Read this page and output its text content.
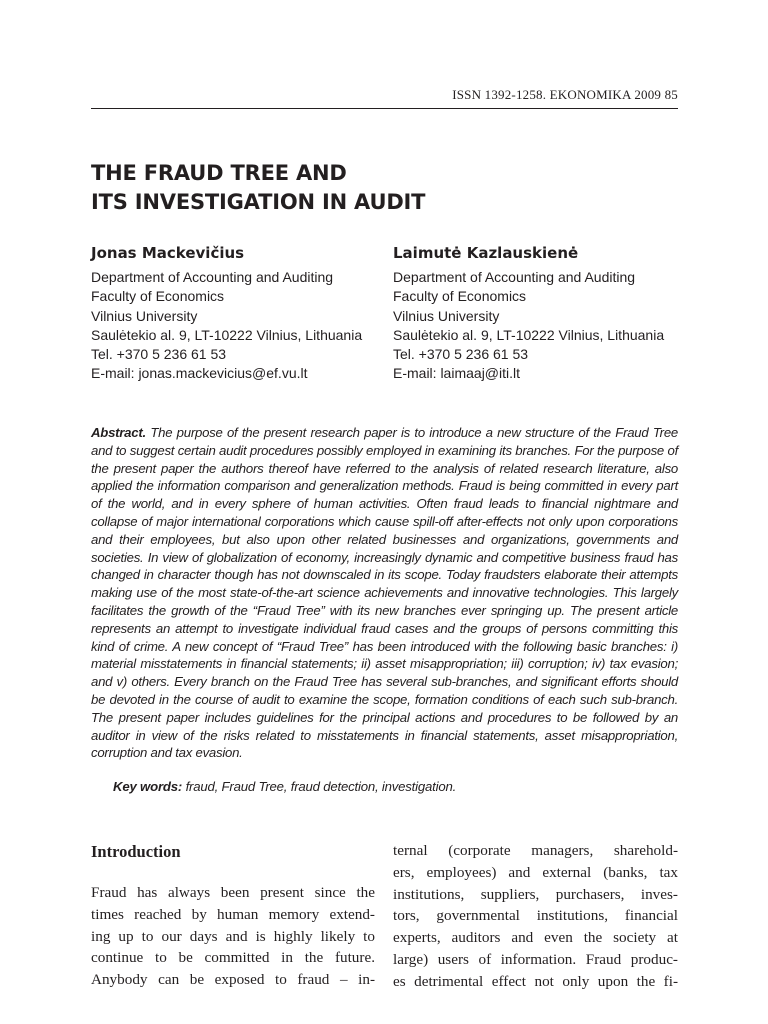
ISSN 1392-1258. EKONOMIKA 2009 85
THE FRAUD TREE AND
ITS INVESTIGATION IN AUDIT
Jonas Mackevičius
Department of Accounting and Auditing
Faculty of Economics
Vilnius University
Saulėtekio al. 9, LT-10222 Vilnius, Lithuania
Tel. +370 5 236 61 53
E-mail: jonas.mackevicius@ef.vu.lt
Laimutė Kazlauskienė
Department of Accounting and Auditing
Faculty of Economics
Vilnius University
Saulėtekio al. 9, LT-10222 Vilnius, Lithuania
Tel. +370 5 236 61 53
E-mail: laimaaj@iti.lt

Abstract. The purpose of the present research paper is to introduce a new structure of the Fraud Tree and to suggest certain audit procedures possibly employed in examining its branches. For the purpose of the present paper the authors thereof have referred to the analysis of related research literature, also applied the information comparison and generalization methods. Fraud is being committed in every part of the world, and in every sphere of human activities. Often fraud leads to financial nightmare and collapse of major international corporations which cause spill-off after-effects not only upon corporations and their employees, but also upon other related businesses and organizations, governments and societies. In view of globalization of economy, increasingly dynamic and competitive business fraud has changed in character though has not downscaled in its scope. Today fraudsters elaborate their attempts making use of the most state-of-the-art science achievements and innovative technologies. This largely facilitates the growth of the “Fraud Tree” with its new branches ever springing up. The present article represents an attempt to investigate individual fraud cases and the groups of persons committing this kind of crime. A new concept of “Fraud Tree” has been introduced with the following basic branches: i) material misstatements in financial statements; ii) asset misappropriation; iii) corruption; iv) tax evasion; and v) others. Every branch on the Fraud Tree has several sub-branches, and significant efforts should be devoted in the course of audit to examine the scope, formation conditions of each such sub-branch. The present paper includes guidelines for the principal actions and procedures to be followed by an auditor in view of the risks related to misstatements in financial statements, asset misappropriation, corruption and tax evasion.

Key words: fraud, Fraud Tree, fraud detection, investigation.

Introduction
Fraud has always been present since the
times reached by human memory extend-
ing up to our days and is highly likely to
continue to be committed in the future.
Anybody can be exposed to fraud – in-
ternal (corporate managers, sharehold-
ers, employees) and external (banks, tax
institutions, suppliers, purchasers, inves-
tors, governmental institutions, financial
experts, auditors and even the society at
large) users of information. Fraud produc-
es detrimental effect not only upon the fi-
